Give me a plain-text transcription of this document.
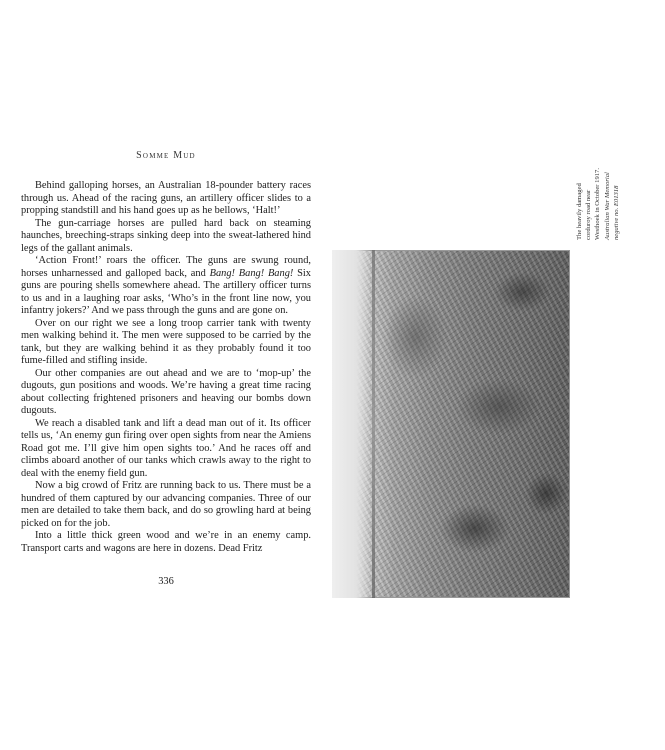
Somme Mud

Behind galloping horses, an Australian 18-pounder battery races through us. Ahead of the racing guns, an artillery officer slides to a propping standstill and his hand goes up as he bellows, ‘Halt!’

The gun-carriage horses are pulled hard back on steaming haunches, breeching-straps sinking deep into the sweat-lathered hind legs of the gallant animals.

‘Action Front!’ roars the officer. The guns are swung round, horses unharnessed and galloped back, and Bang! Bang! Bang! Six guns are pouring shells somewhere ahead. The artillery officer turns to us and in a laughing roar asks, ‘Who’s in the front line now, you infantry jokers?’ And we pass through the guns and are gone on.

Over on our right we see a long troop carrier tank with twenty men walking behind it. The men were supposed to be carried by the tank, but they are walking behind it as they probably found it too fume-filled and stifling inside.

Our other companies are out ahead and we are to ‘mop-up’ the dugouts, gun positions and woods. We’re having a great time racing about collecting frightened prisoners and heaving our bombs down dugouts.

We reach a disabled tank and lift a dead man out of it. Its officer tells us, ‘An enemy gun firing over open sights from near the Amiens Road got me. I’ll give him open sights too.’ And he races off and climbs aboard another of our tanks which crawls away to the right to deal with the enemy field gun.

Now a big crowd of Fritz are running back to us. There must be a hundred of them captured by our advancing companies. Three of our men are detailed to take them back, and do so growling hard at being picked on for the job.

Into a little thick green wood and we’re in an enemy camp. Transport carts and wagons are here in dozens. Dead Fritz

336
The heavily damaged corduroy road near Westhoek in October 1917. Australian War Memorial negative no. E01318
